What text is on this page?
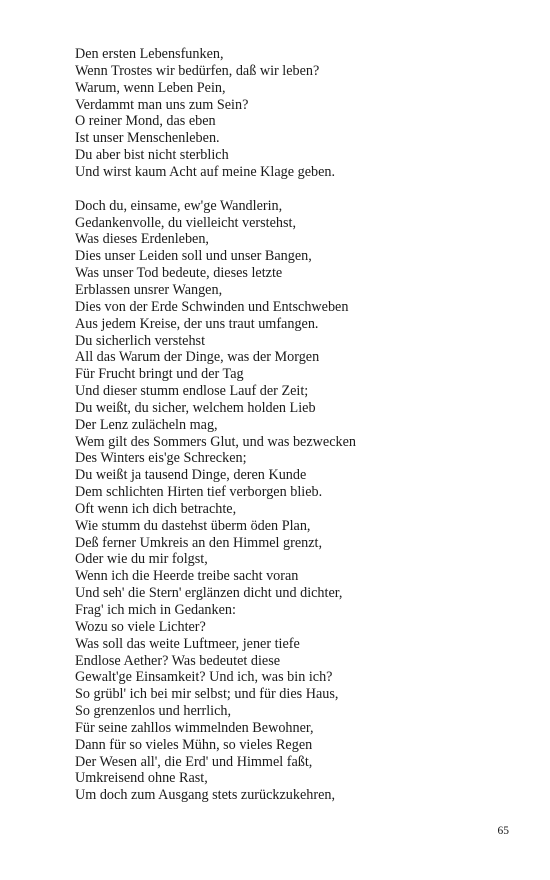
Den ersten Lebensfunken,
Wenn Trostes wir bedürfen, daß wir leben?
Warum, wenn Leben Pein,
Verdammt man uns zum Sein?
O reiner Mond, das eben
Ist unser Menschenleben.
Du aber bist nicht sterblich
Und wirst kaum Acht auf meine Klage geben.
Doch du, einsame, ew'ge Wandlerin,
Gedankenvolle, du vielleicht verstehst,
Was dieses Erdenleben,
Dies unser Leiden soll und unser Bangen,
Was unser Tod bedeute, dieses letzte
Erblassen unsrer Wangen,
Dies von der Erde Schwinden und Entschweben
Aus jedem Kreise, der uns traut umfangen.
Du sicherlich verstehst
All das Warum der Dinge, was der Morgen
Für Frucht bringt und der Tag
Und dieser stumm endlose Lauf der Zeit;
Du weißt, du sicher, welchem holden Lieb
Der Lenz zulächeln mag,
Wem gilt des Sommers Glut, und was bezwecken
Des Winters eis'ge Schrecken;
Du weißt ja tausend Dinge, deren Kunde
Dem schlichten Hirten tief verborgen blieb.
Oft wenn ich dich betrachte,
Wie stumm du dastehst überm öden Plan,
Deß ferner Umkreis an den Himmel grenzt,
Oder wie du mir folgst,
Wenn ich die Heerde treibe sacht voran
Und seh' die Stern' erglänzen dicht und dichter,
Frag' ich mich in Gedanken:
Wozu so viele Lichter?
Was soll das weite Luftmeer, jener tiefe
Endlose Aether? Was bedeutet diese
Gewalt'ge Einsamkeit? Und ich, was bin ich?
So grübl' ich bei mir selbst; und für dies Haus,
So grenzenlos und herrlich,
Für seine zahllos wimmelnden Bewohner,
Dann für so vieles Mühn, so vieles Regen
Der Wesen all', die Erd' und Himmel faßt,
Umkreisend ohne Rast,
Um doch zum Ausgang stets zurückzukehren,
65
